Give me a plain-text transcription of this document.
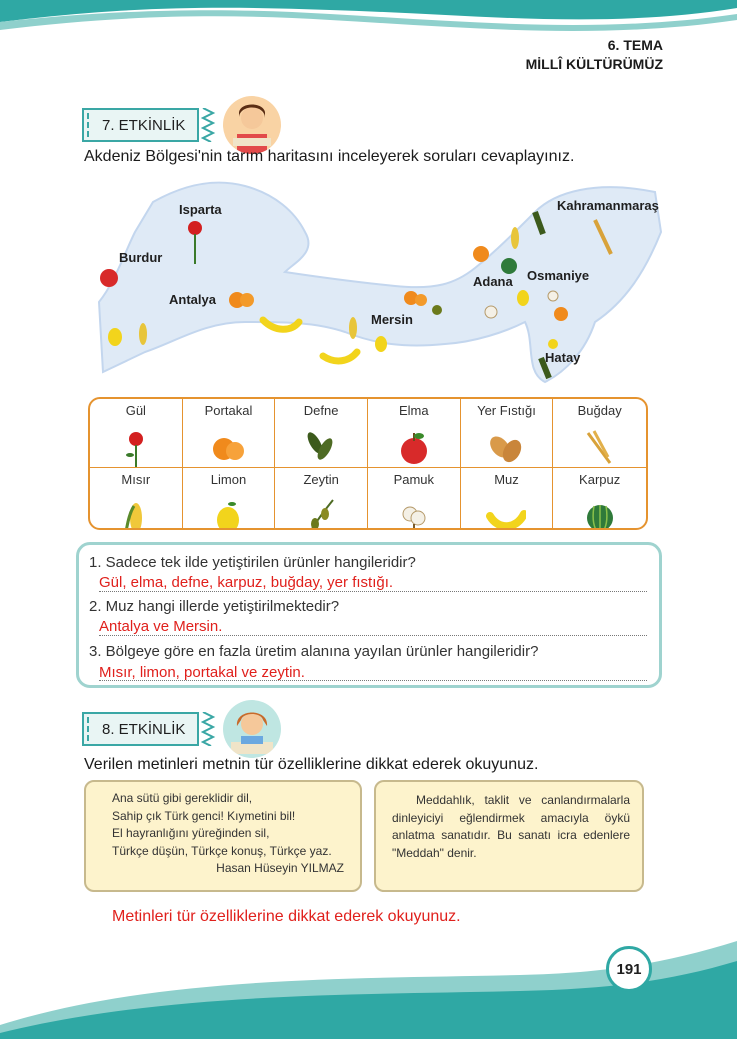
6. TEMA
MİLLÎ KÜLTÜRÜMÜZ
7. ETKİNLİK
Akdeniz Bölgesi'nin tarım haritasını inceleyerek soruları cevaplayınız.
Isparta
Burdur
Antalya
Mersin
Adana
Kahramanmaraş
Osmaniye
Hatay
Gül	Portakal	Defne	Elma	Yer Fıstığı	Buğday
Mısır	Limon	Zeytin	Pamuk	Muz	Karpuz
1. Sadece tek ilde yetiştirilen ürünler hangileridir?
Gül, elma, defne, karpuz, buğday, yer fıstığı.
2. Muz hangi illerde yetiştirilmektedir?
Antalya ve Mersin.
3. Bölgeye göre en fazla üretim alanına yayılan ürünler hangileridir?
Mısır, limon, portakal ve zeytin.
8. ETKİNLİK
Verilen metinleri metnin tür özelliklerine dikkat ederek okuyunuz.
Ana sütü gibi gereklidir dil,
Sahip çık Türk genci! Kıymetini bil!
El hayranlığını yüreğinden sil,
Türkçe düşün, Türkçe konuş, Türkçe yaz.
Hasan Hüseyin YILMAZ
Meddahlık, taklit ve canlandırmalarla dinleyiciyi eğlendirmek amacıyla öykü anlatma sanatıdır. Bu sanatı icra edenlere "Meddah" denir.
Metinleri tür özelliklerine dikkat ederek okuyunuz.
191
